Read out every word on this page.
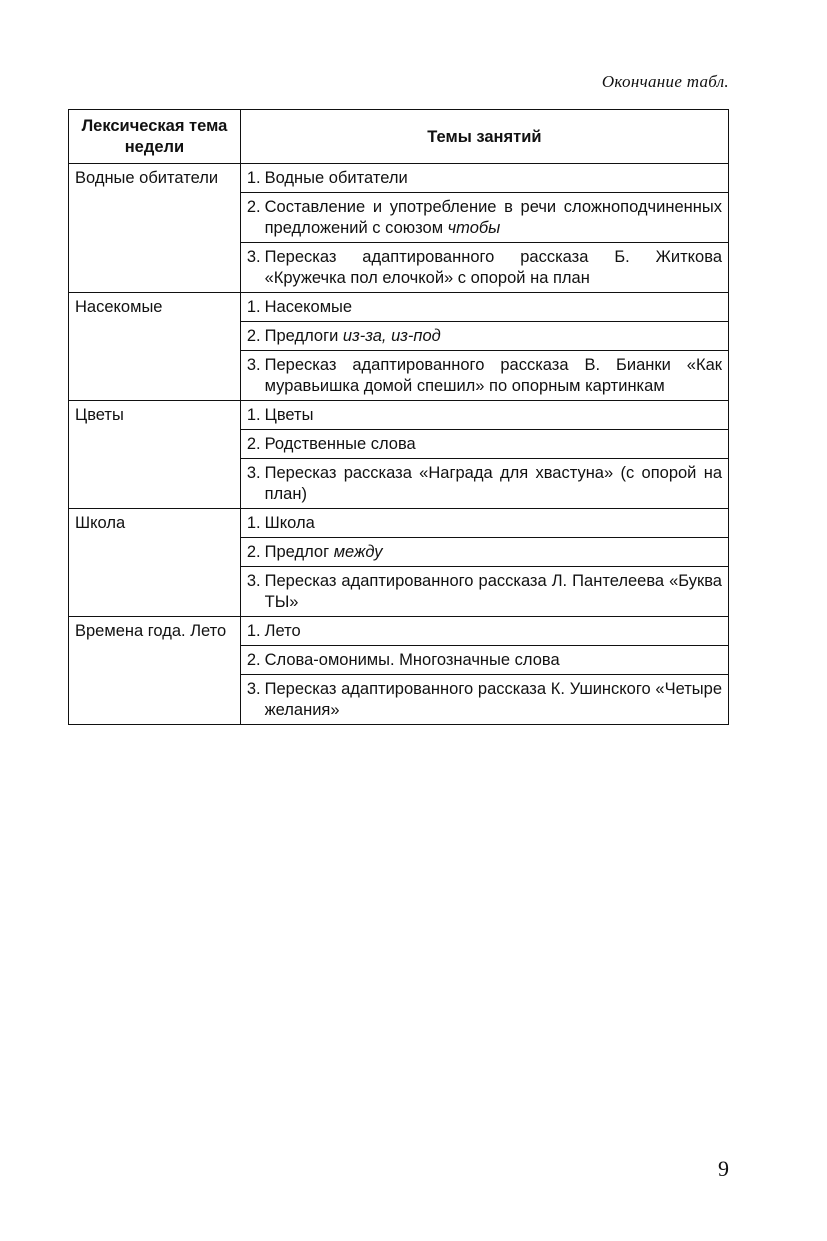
Окончание табл.
Лексическая тема недели	Темы занятий
Водные обитатели	1. Водные обитатели

	2. Составление и употребление в речи сложноподчиненных предложений с союзом чтобы

	3. Пересказ адаптированного рассказа Б. Житкова «Кружечка пол елочкой» с опорой на план

Насекомые	1. Насекомые

	2. Предлоги из-за, из-под

	3. Пересказ адаптированного рассказа В. Бианки «Как муравьишка домой спешил» по опорным картинкам

Цветы	1. Цветы

	2. Родственные слова

	3. Пересказ рассказа «Награда для хвастуна» (с опорой на план)

Школа	1. Школа

	2. Предлог между

	3. Пересказ адаптированного рассказа Л. Пантелеева «Буква ТЫ»

Времена года. Лето	1. Лето

	2. Слова-омонимы. Многозначные слова

	3. Пересказ адаптированного рассказа К. Ушинского «Четыре желания»
9
